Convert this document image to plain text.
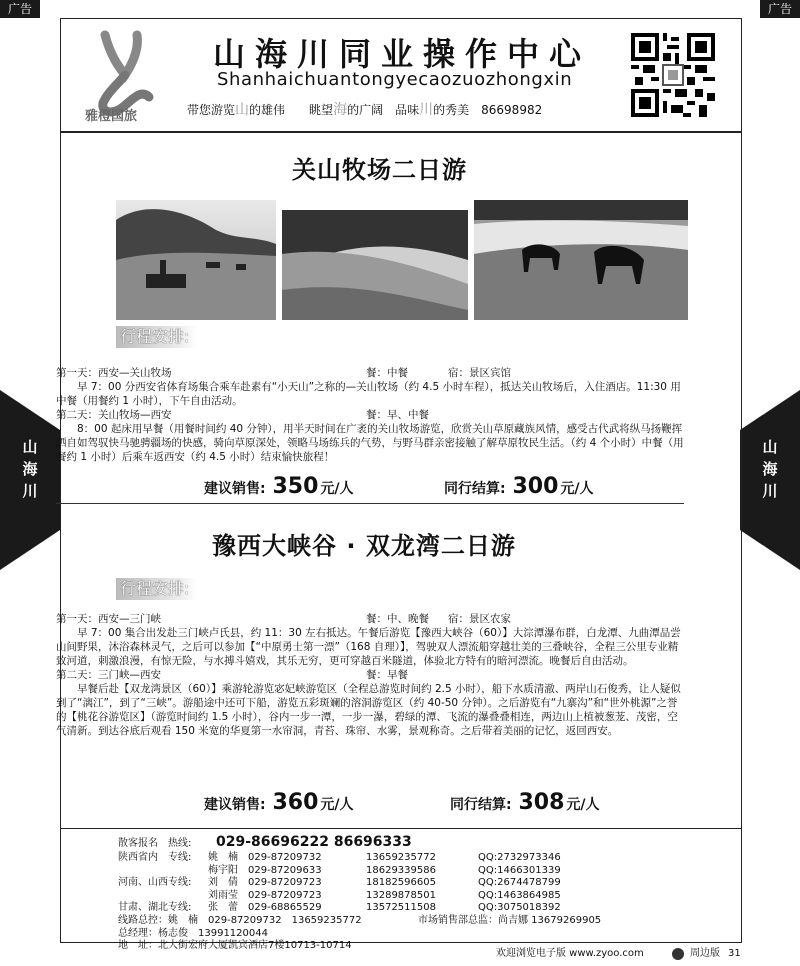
广告	广告
山
海
川
山
海
川
雅橙国旅
山海川同业操作中心
Shanhaichuantongyecaozuozhongxin
带您游览山的雄伟　　 眺望海的广阔　 品味川的秀美　 86698982
关山牧场二日游
行程安排:
第一天：西安—关山牧场	餐：中餐	宿：景区宾馆
早 7：00 分西安省体育场集合乘车赴素有“小天山”之称的—关山牧场（约 4.5 小时车程），抵达关山牧场后，入住酒店。11:30 用中餐（用餐约 1 小时），下午自由活动。
第二天：关山牧场—西安	餐：早、中餐
8：00 起床用早餐（用餐时间约 40 分钟），用半天时间在广袤的关山牧场游览，欣赏关山草原藏族风情，感受古代武将纵马扬鞭挥洒自如驾驭快马驰骋疆场的快感，骑向草原深处，领略马场练兵的气势，与野马群亲密接触了解草原牧民生活。（约 4 个小时）中餐（用餐约 1 小时）后乘车返西安（约 4.5 小时）结束愉快旅程！
建议销售: 350 元/人	同行结算: 300 元/人
豫西大峡谷 · 双龙湾二日游
行程安排:
第一天：西安—三门峡	餐：中、晚餐	宿：景区农家
早 7：00 集合出发赴三门峡卢氏县，约 11：30 左右抵达。午餐后游览【豫西大峡谷（60）】大淙潭瀑布群，白龙潭、九曲潭品尝山间野果，沐浴森林灵气，之后可以参加【“中原勇士第一漂”（168 自理）】，驾驶双人漂流船穿越壮美的三叠峡谷，全程三公里专业精致河道，刺激浪漫，有惊无险，与水搏斗嬉戏，其乐无穷，更可穿越百米隧道，体验北方特有的暗河漂流。晚餐后自由活动。
第二天：三门峡—西安	餐：早餐
早餐后赴【双龙湾景区（60）】乘游轮游览宓妃峡游览区（全程总游览时间约 2.5 小时），船下水质清澈、两岸山石俊秀，让人疑似到了“漓江”，到了“三峡”。游船途中还可下船，游览五彩斑斓的溶洞游览区（约 40-50 分钟）。之后游览有“九寨沟”和“世外桃源”之誉的【桃花谷游览区】（游览时间约 1.5 小时），谷内一步一潭，一步一瀑，碧绿的潭、飞流的瀑叠叠相连，两边山上植被葱茏、茂密，空气清新。到达谷底后观看 150 米宽的华夏第一水帘洞，青苔、珠帘、水雾，景观称奇。之后带着美丽的记忆，返回西安。
建议销售: 360 元/人	同行结算: 308 元/人
散客报名　热线: 029-86696222 86696333
陕西省内　专线: 姚　楠 029-87209732	13659235772	QQ:2732973346
梅宇阳 029-87209633	18629339586	QQ:1466301339
河南、山西专线: 刘　倩 029-87209723	18182596605	QQ:2674478799
刘雨莹 029-87209723	13289878501	QQ:1463864985
甘肃、湖北专线: 张　蕾 029-68865529	13572511508	QQ:3075018392
线路总控：姚　楠　029-87209732　13659235772	市场销售部总监：尚吉娜 13679269905
总经理：杨志俊　13991120044
地　址：北大街宏府大厦凯宾酒店7楼10713-10714
欢迎浏览电子版 www.zyoo.com	周边版 31
